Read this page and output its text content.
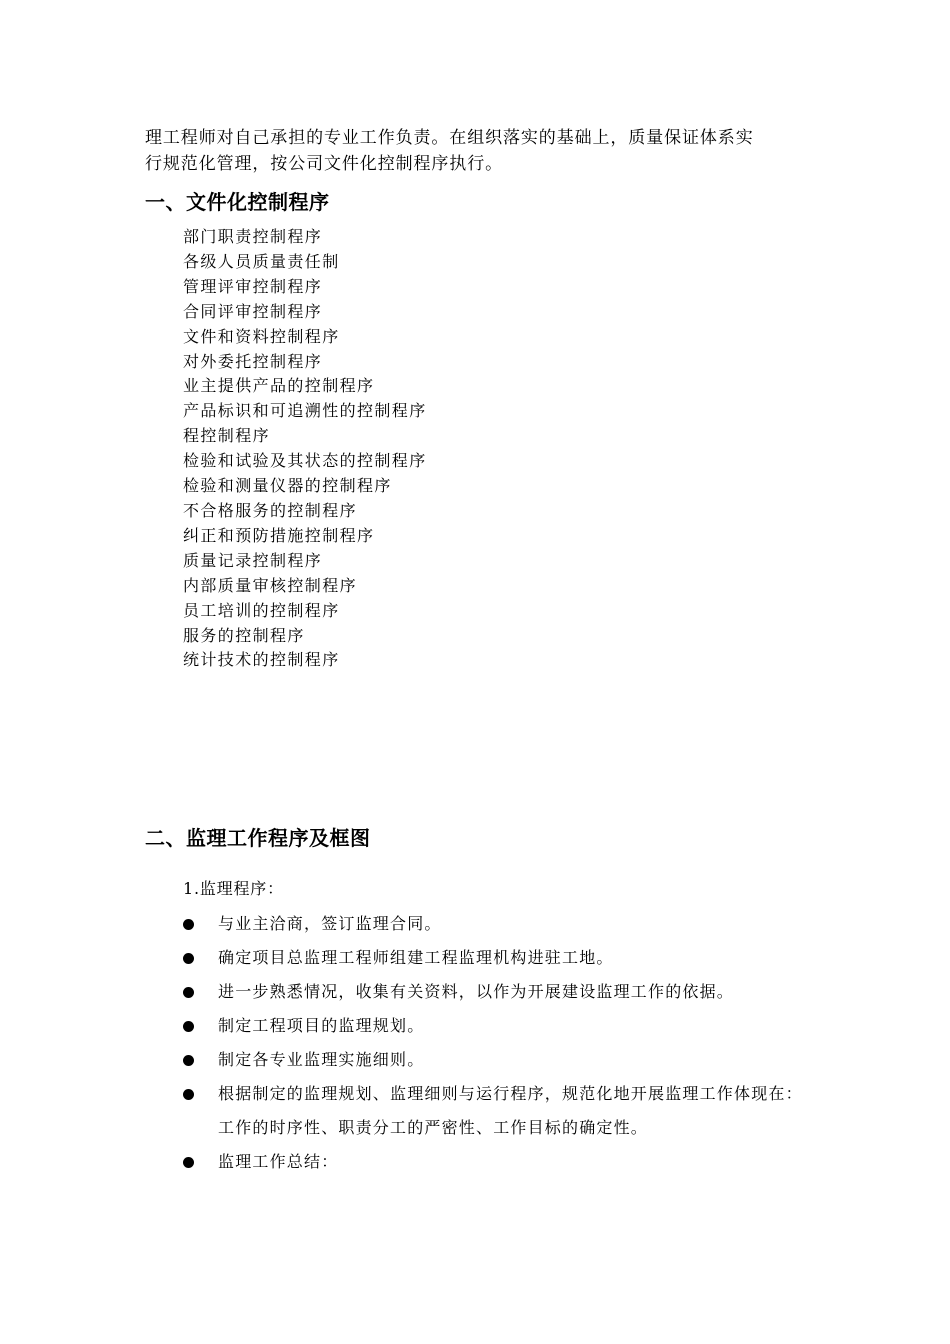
理工程师对自己承担的专业工作负责。在组织落实的基础上，质量保证体系实

行规范化管理，按公司文件化控制程序执行。

一、文件化控制程序
部门职责控制程序
各级人员质量责任制
管理评审控制程序
合同评审控制程序
文件和资料控制程序
对外委托控制程序
业主提供产品的控制程序
产品标识和可追溯性的控制程序
程控制程序
检验和试验及其状态的控制程序
检验和测量仪器的控制程序
不合格服务的控制程序
纠正和预防措施控制程序
质量记录控制程序
内部质量审核控制程序
员工培训的控制程序
服务的控制程序
统计技术的控制程序
二、监理工作程序及框图

1.监理程序：

与业主洽商，签订监理合同。
确定项目总监理工程师组建工程监理机构进驻工地。
进一步熟悉情况，收集有关资料，以作为开展建设监理工作的依据。
制定工程项目的监理规划。
制定各专业监理实施细则。
根据制定的监理规划、监理细则与运行程序，规范化地开展监理工作体现在：工作的时序性、职责分工的严密性、工作目标的确定性。
监理工作总结：
